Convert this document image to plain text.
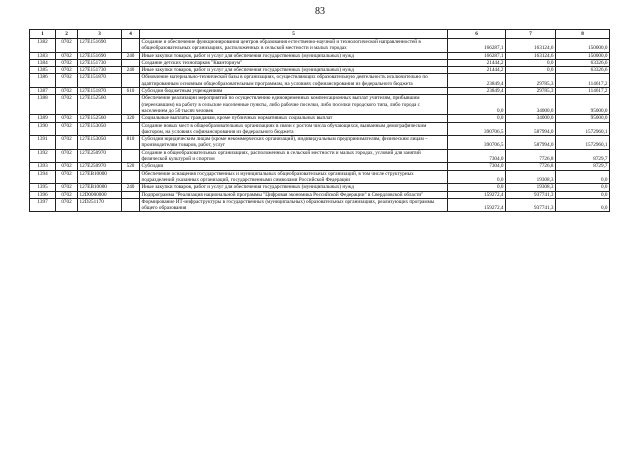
83
1	2	3	4	5	6	7	8
1382	0702	127E151690		Создание и обеспечение функционирования центров образования естественно-научной и технологической направленностей в общеобразовательных организациях, расположенных в сельской местности и малых городах	166287,1	163124,6	150000,0
1383	0702	127E151690	240	Иные закупки товаров, работ и услуг для обеспечения государственных (муниципальных) нужд	166287,1	163124,6	150000,0
1384	0702	127E151730		Создание детских технопарков "Кванториум"	21444,2	0,0	63326,6
1385	0702	127E151730	240	Иные закупки товаров, работ и услуг для обеспечения государственных (муниципальных) нужд	21444,2	0,0	63326,6
1386	0702	127E151870		Обновление материально-технической базы в организациях, осуществляющих образовательную деятельность исключительно по адаптированным основным общеобразовательным программам, на условиях софинансирования из федерального бюджета	23849,4	29785,3	114617,2
1387	0702	127E151870	610	Субсидии бюджетным учреждениям	23849,4	29785,3	114617,2
1388	0702	127E152560		Обеспечение реализации мероприятий по осуществлению единовременных компенсационных выплат учителям, прибывшим (переехавшим) на работу в сельские населенные пункты, либо рабочие поселки, либо поселки городского типа, либо города с населением до 50 тысяч человек	0,0	34000,0	95000,0
1389	0702	127E152560	320	Социальные выплаты гражданам, кроме публичных нормативных социальных выплат	0,0	34000,0	95000,0
1390	0702	127E153050		Создание новых мест в общеобразовательных организациях в связи с ростом числа обучающихся, вызванным демографическим фактором, на условиях софинансирования из федерального бюджета	390706,5	587994,0	1572960,1
1391	0702	127E153050	810	Субсидии юридическим лицам (кроме некоммерческих организаций), индивидуальным предпринимателям, физическим лицам – производителям товаров, работ, услуг	390706,5	587994,0	1572960,1
1392	0702	127E250970		Создание в общеобразовательных организациях, расположенных в сельской местности и малых городах, условий для занятий физической культурой и спортом	7304,0	7726,8	8729,7
1393	0702	127E250970	520	Субсидии	7304,0	7726,8	8729,7
1394	0702	127EB10000		Обеспечение оснащения государственных и муниципальных общеобразовательных организаций, в том числе структурных подразделений указанных организаций, государственными символами Российской Федерации	0,0	19308,3	0,0
1395	0702	127EB10000	240	Иные закупки товаров, работ и услуг для обеспечения государственных (муниципальных) нужд	0,0	19308,3	0,0
1396	0702	12D0000000		Подпрограмма "Реализация национальной программы "Цифровая экономика Российской Федерации" в Свердловской области"	159272,4	937741,3	0,0
1397	0702	12D251170		Формирование ИТ-инфраструктуры в государственных (муниципальных) образовательных организациях, реализующих программы общего образования	159272,4	937741,3	0,0
